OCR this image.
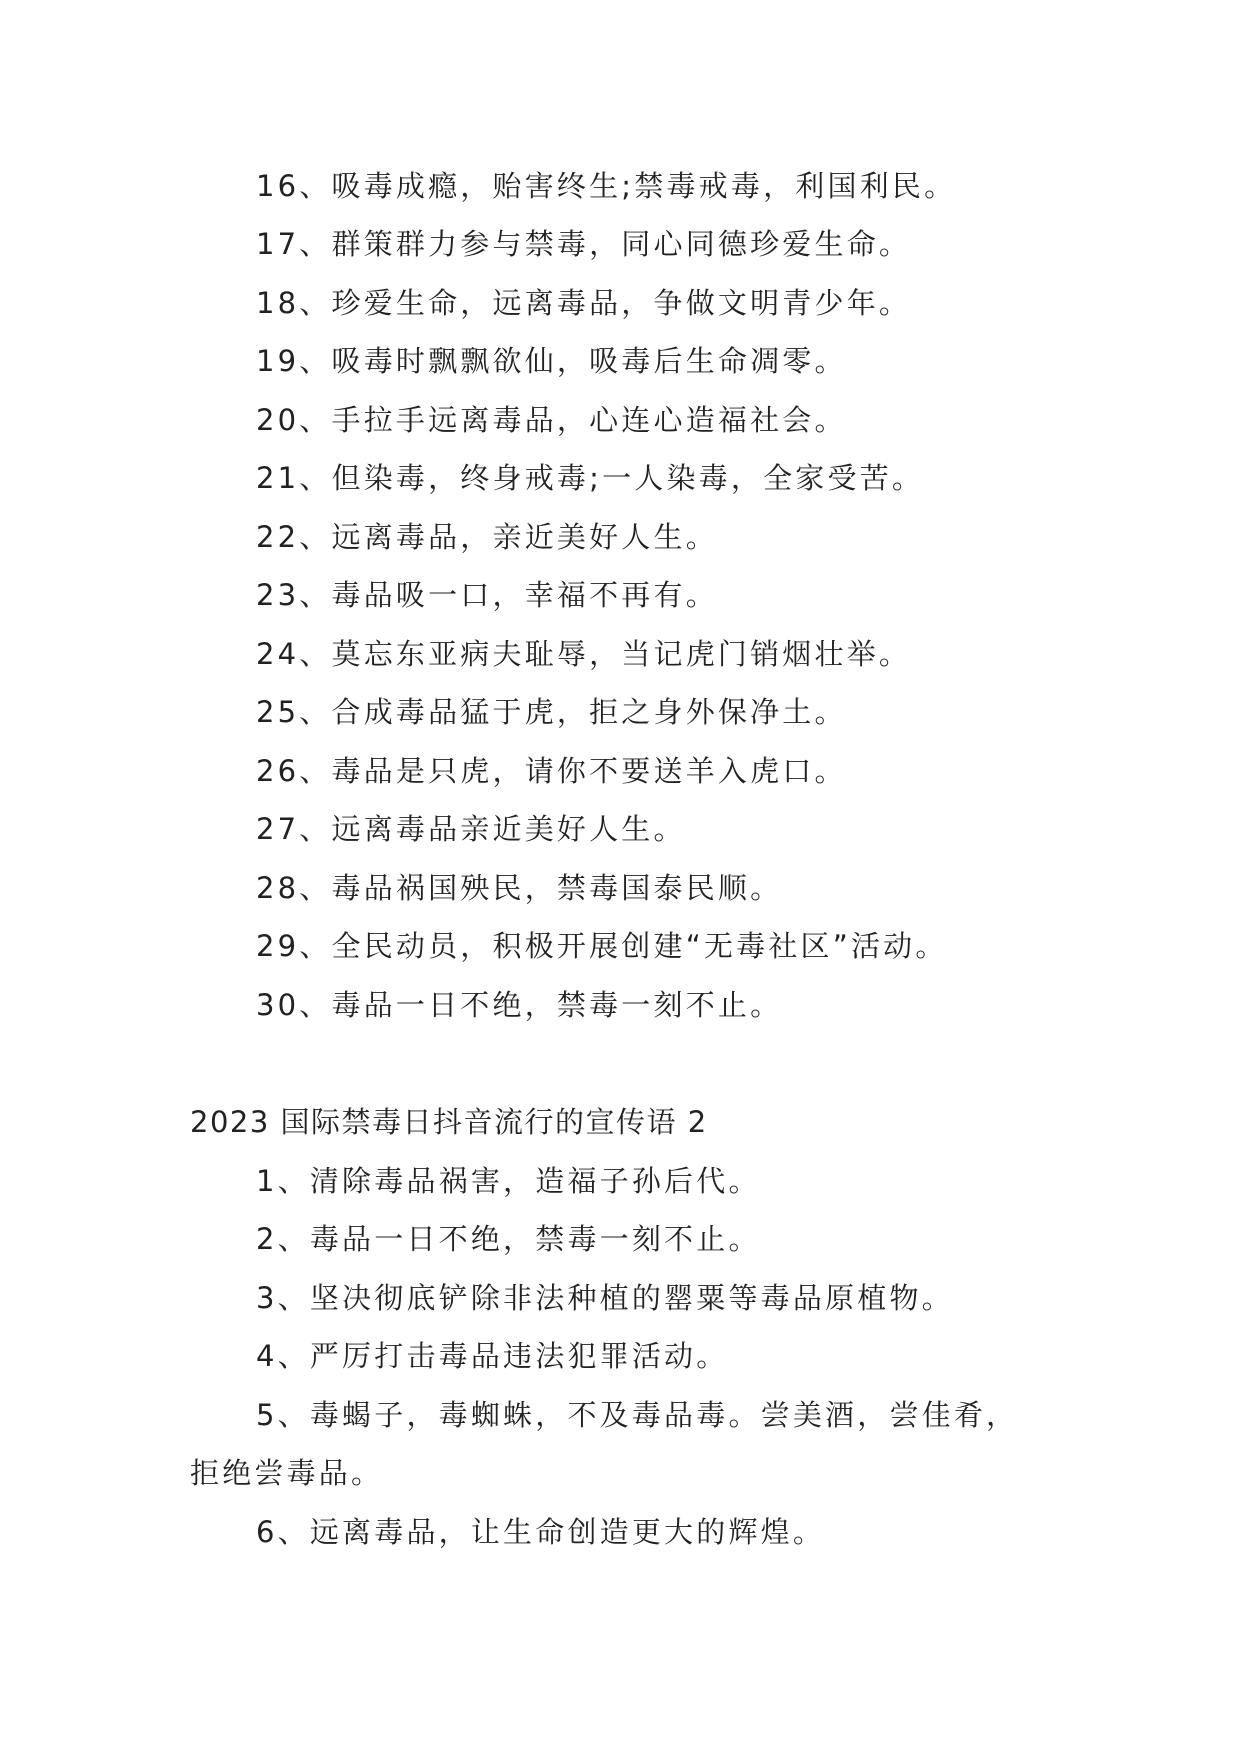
16、吸毒成瘾，贻害终生;禁毒戒毒，利国利民。
17、群策群力参与禁毒，同心同德珍爱生命。
18、珍爱生命，远离毒品，争做文明青少年。
19、吸毒时飘飘欲仙，吸毒后生命凋零。
20、手拉手远离毒品，心连心造福社会。
21、但染毒，终身戒毒;一人染毒，全家受苦。
22、远离毒品，亲近美好人生。
23、毒品吸一口，幸福不再有。
24、莫忘东亚病夫耻辱，当记虎门销烟壮举。
25、合成毒品猛于虎，拒之身外保净土。
26、毒品是只虎，请你不要送羊入虎口。
27、远离毒品亲近美好人生。
28、毒品祸国殃民，禁毒国泰民顺。
29、全民动员，积极开展创建“无毒社区”活动。
30、毒品一日不绝，禁毒一刻不止。
2023 国际禁毒日抖音流行的宣传语 2
1、清除毒品祸害，造福子孙后代。
2、毒品一日不绝，禁毒一刻不止。
3、坚决彻底铲除非法种植的罂粟等毒品原植物。
4、严厉打击毒品违法犯罪活动。
5、毒蝎子，毒蜘蛛，不及毒品毒。尝美酒，尝佳肴，
拒绝尝毒品。
6、远离毒品，让生命创造更大的辉煌。
